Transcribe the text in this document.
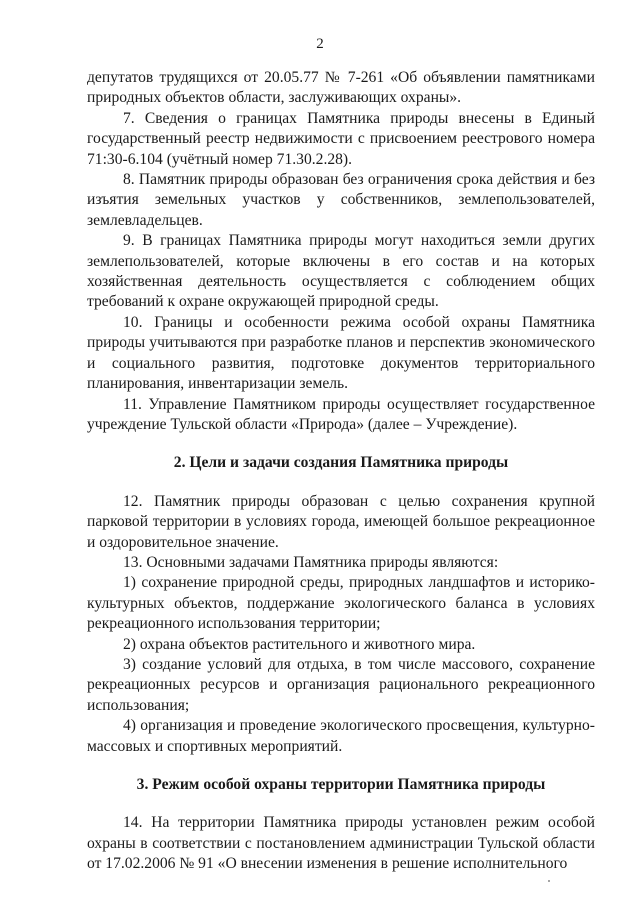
2

депутатов трудящихся от 20.05.77 № 7-261 «Об объявлении памятниками природных объектов области, заслуживающих охраны».

7. Сведения о границах Памятника природы внесены в Единый государственный реестр недвижимости с присвоением реестрового номера 71:30-6.104 (учётный номер 71.30.2.28).

8. Памятник природы образован без ограничения срока действия и без изъятия земельных участков у собственников, землепользователей, землевладельцев.

9. В границах Памятника природы могут находиться земли других землепользователей, которые включены в его состав и на которых хозяйственная деятельность осуществляется с соблюдением общих требований к охране окружающей природной среды.

10. Границы и особенности режима особой охраны Памятника природы учитываются при разработке планов и перспектив экономического и социального развития, подготовке документов территориального планирования, инвентаризации земель.

11. Управление Памятником природы осуществляет государственное учреждение Тульской области «Природа» (далее – Учреждение).

2. Цели и задачи создания Памятника природы

12. Памятник природы образован с целью сохранения крупной парковой территории в условиях города, имеющей большое рекреационное и оздоровительное значение.

13. Основными задачами Памятника природы являются:

1) сохранение природной среды, природных ландшафтов и историко-культурных объектов, поддержание экологического баланса в условиях рекреационного использования территории;

2) охрана объектов растительного и животного мира.

3) создание условий для отдыха, в том числе массового, сохранение рекреационных ресурсов и организация рационального рекреационного использования;

4) организация и проведение экологического просвещения, культурно-массовых и спортивных мероприятий.

3. Режим особой охраны территории Памятника природы

14. На территории Памятника природы установлен режим особой охраны в соответствии с постановлением администрации Тульской области от 17.02.2006 № 91 «О внесении изменения в решение исполнительного
